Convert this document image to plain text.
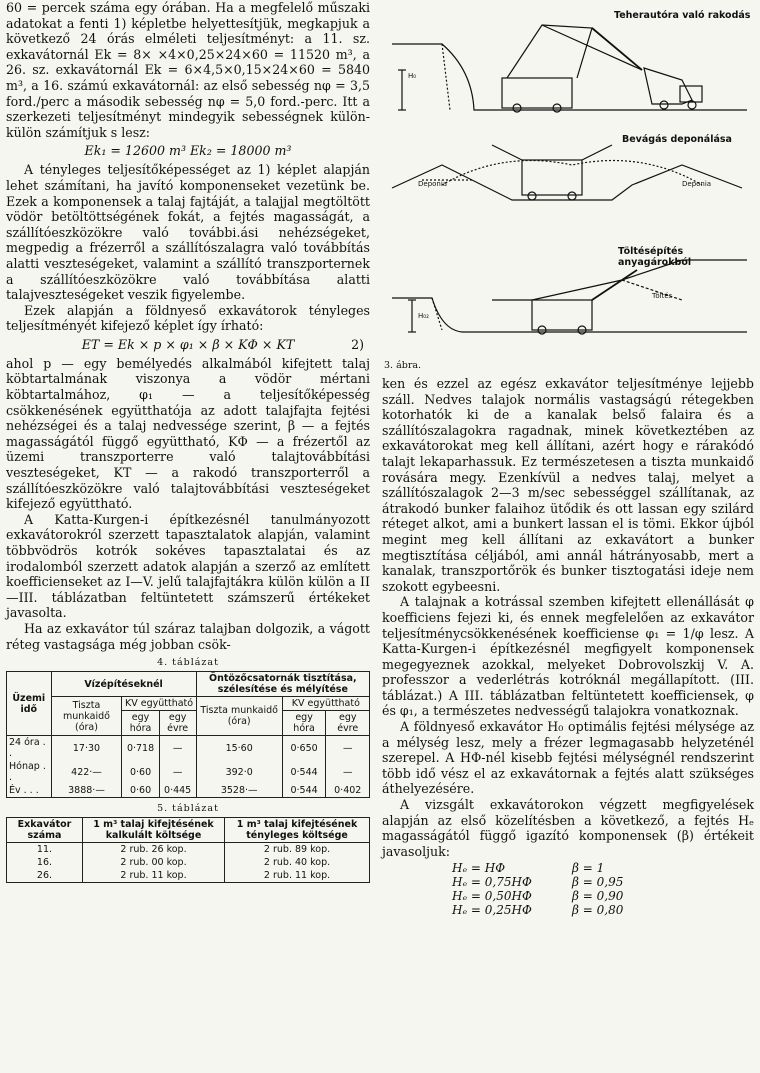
60 = percek száma egy órában. Ha a megfelelő műszaki adatokat a fenti 1) képletbe helyettesítjük, megkapjuk a következő 24 órás elméleti teljesítményt: a 11. sz. exkavátornál Ek = 8× ×4×0,25×24×60 = 11520 m³, a 26. sz. exkavátornál Ek = 6×4,5×0,15×24×60 = 5840 m³, a 16. számú exkavátornál: az első sebesség nφ = 3,5 ford./perc a második sebesség nφ = 5,0 ford.-perc. Itt a szerkezeti teljesítményt mindegyik sebességnek külön-külön számítjuk s lesz:

Ek₁ = 12600 m³ Ek₂ = 18000 m³

A tényleges teljesítőképességet az 1) képlet alapján lehet számítani, ha javító komponenseket vezetünk be. Ezek a komponensek a talaj fajtáját, a talajjal megtöltött vödör betöltöttségének fokát, a fejtés magasságát, a szállítóeszközökre való további.ási nehézségeket, megpedig a frézerről a szállítószalagra való továbbítás alatti veszteségeket, valamint a szállító transzporternek a szállítóeszközökre való továbbítása alatti talajveszteségeket veszik figyelembe.

Ezek alapján a földnyeső exkavátorok tényleges teljesítményét kifejező képlet így írható:

ET = Ek × p × φ₁ × β × KΦ × KT	2)

ahol p — egy bemélyedés alkalmából kifejtett talaj köbtartalmának viszonya a vödör mértani köbtartalmához, φ₁ — a teljesítőképesség csökkenésének együtthatója az adott talajfajta fejtési nehézségei és a talaj nedvessége szerint, β — a fejtés magasságától függő együttható, KΦ — a frézertől az üzemi transzporterre való talajtovábbítási veszteségeket, KT — a rakodó transzporterről a szállítóeszközökre való talajtovábbítási veszteségeket kifejező együttható.

A Katta-Kurgen-i építkezésnél tanulmányozott exkavátorokról szerzett tapasztalatok alapján, valamint többvödrös kotrók sokéves tapasztalatai és az irodalomból szerzett adatok alapján a szerző az említett koefficienseket az I—V. jelű talajfajtákra külön külön a II—III. táblázatban feltüntetett számszerű értékeket javasolta.

Ha az exkavátor túl száraz talajban dolgozik, a vágott réteg vastagsága még jobban csök-

4. táblázat
Üzemi idő	Vízépítéseknél			Öntözőcsatornák tisztítása, szélesítése és mélyítése		
	Tiszta munkaidő (óra)	KV együttható		Tiszta munkaidő (óra)	KV együttható	
		egy hóra	egy évre		egy hóra	egy évre
24 óra . .	17·30	0·718	—	15·60	0·650	—
Hónap . .	422·—	0·60	—	392·0	0·544	—
Év . . .	3888·—	0·60	0·445	3528·—	0·544	0·402
5. táblázat
Exkavátor száma	1 m³ talaj kifejtésének kalkulált költsége	1 m³ talaj kifejtésének tényleges költsége
11.	2 rub. 26 kop.	2 rub. 89 kop.
16.	2 rub. 00 kop.	2 rub. 40 kop.
26.	2 rub. 11 kop.	2 rub. 11 kop.
Teherautóra való rakodás
Bevágás deponálása
Töltésépítés anyagárokból
H₀
Deponia	Deponia
Töltés
H₀₂
3. ábra.

ken és ezzel az egész exkavátor teljesítménye lejjebb száll. Nedves talajok normális vastagságú rétegekben kotorhatók ki de a kanalak belső falaira és a szállítószalagokra ragadnak, minek következtében az exkavátorokat meg kell állítani, azért hogy e rárakódó talajt lekaparhassuk. Ez természetesen a tiszta munkaidő rovására megy. Ezenkívül a nedves talaj, melyet a szállítószalagok 2—3 m/sec sebességgel szállítanak, az átrakodó bunker falaihoz ütődik és ott lassan egy szilárd réteget alkot, ami a bunkert lassan el is tömi. Ekkor újból megint meg kell állítani az exkavátort a bunker megtisztítása céljából, ami annál hátrányosabb, mert a kanalak, transzportőrök és bunker tisztogatási ideje nem szokott egybeesni.

A talajnak a kotrással szemben kifejtett ellenállását φ koefficiens fejezi ki, és ennek megfelelően az exkavátor teljesítménycsökkenésének koefficiense φ₁ = 1/φ lesz. A Katta-Kurgen-i építkezésnél megfigyelt komponensek megegyeznek azokkal, melyeket Dobrovolszkij V. A. professzor a vederlétrás kotróknál megállapított. (III. táblázat.) A III. táblázatban feltüntetett koefficiensek, φ és φ₁, a természetes nedvességű talajokra vonatkoznak.

A földnyeső exkavátor H₀ optimális fejtési mélysége az a mélység lesz, mely a frézer legmagasabb helyzeténél szerepel. A HΦ-nél kisebb fejtési mélységnél rendszerint több idő vész el az exkavátornak a fejtés alatt szükséges áthelyezésére.

A vizsgált exkavátorokon végzett megfigyelések alapján az első közelítésben a következő, a fejtés Hₑ magasságától függő igazító komponensek (β) értékeit javasoljuk:

Hₑ = HΦ	β = 1
Hₑ = 0,75HΦ	β = 0,95
Hₑ = 0,50HΦ	β = 0,90
Hₑ = 0,25HΦ	β = 0,80
